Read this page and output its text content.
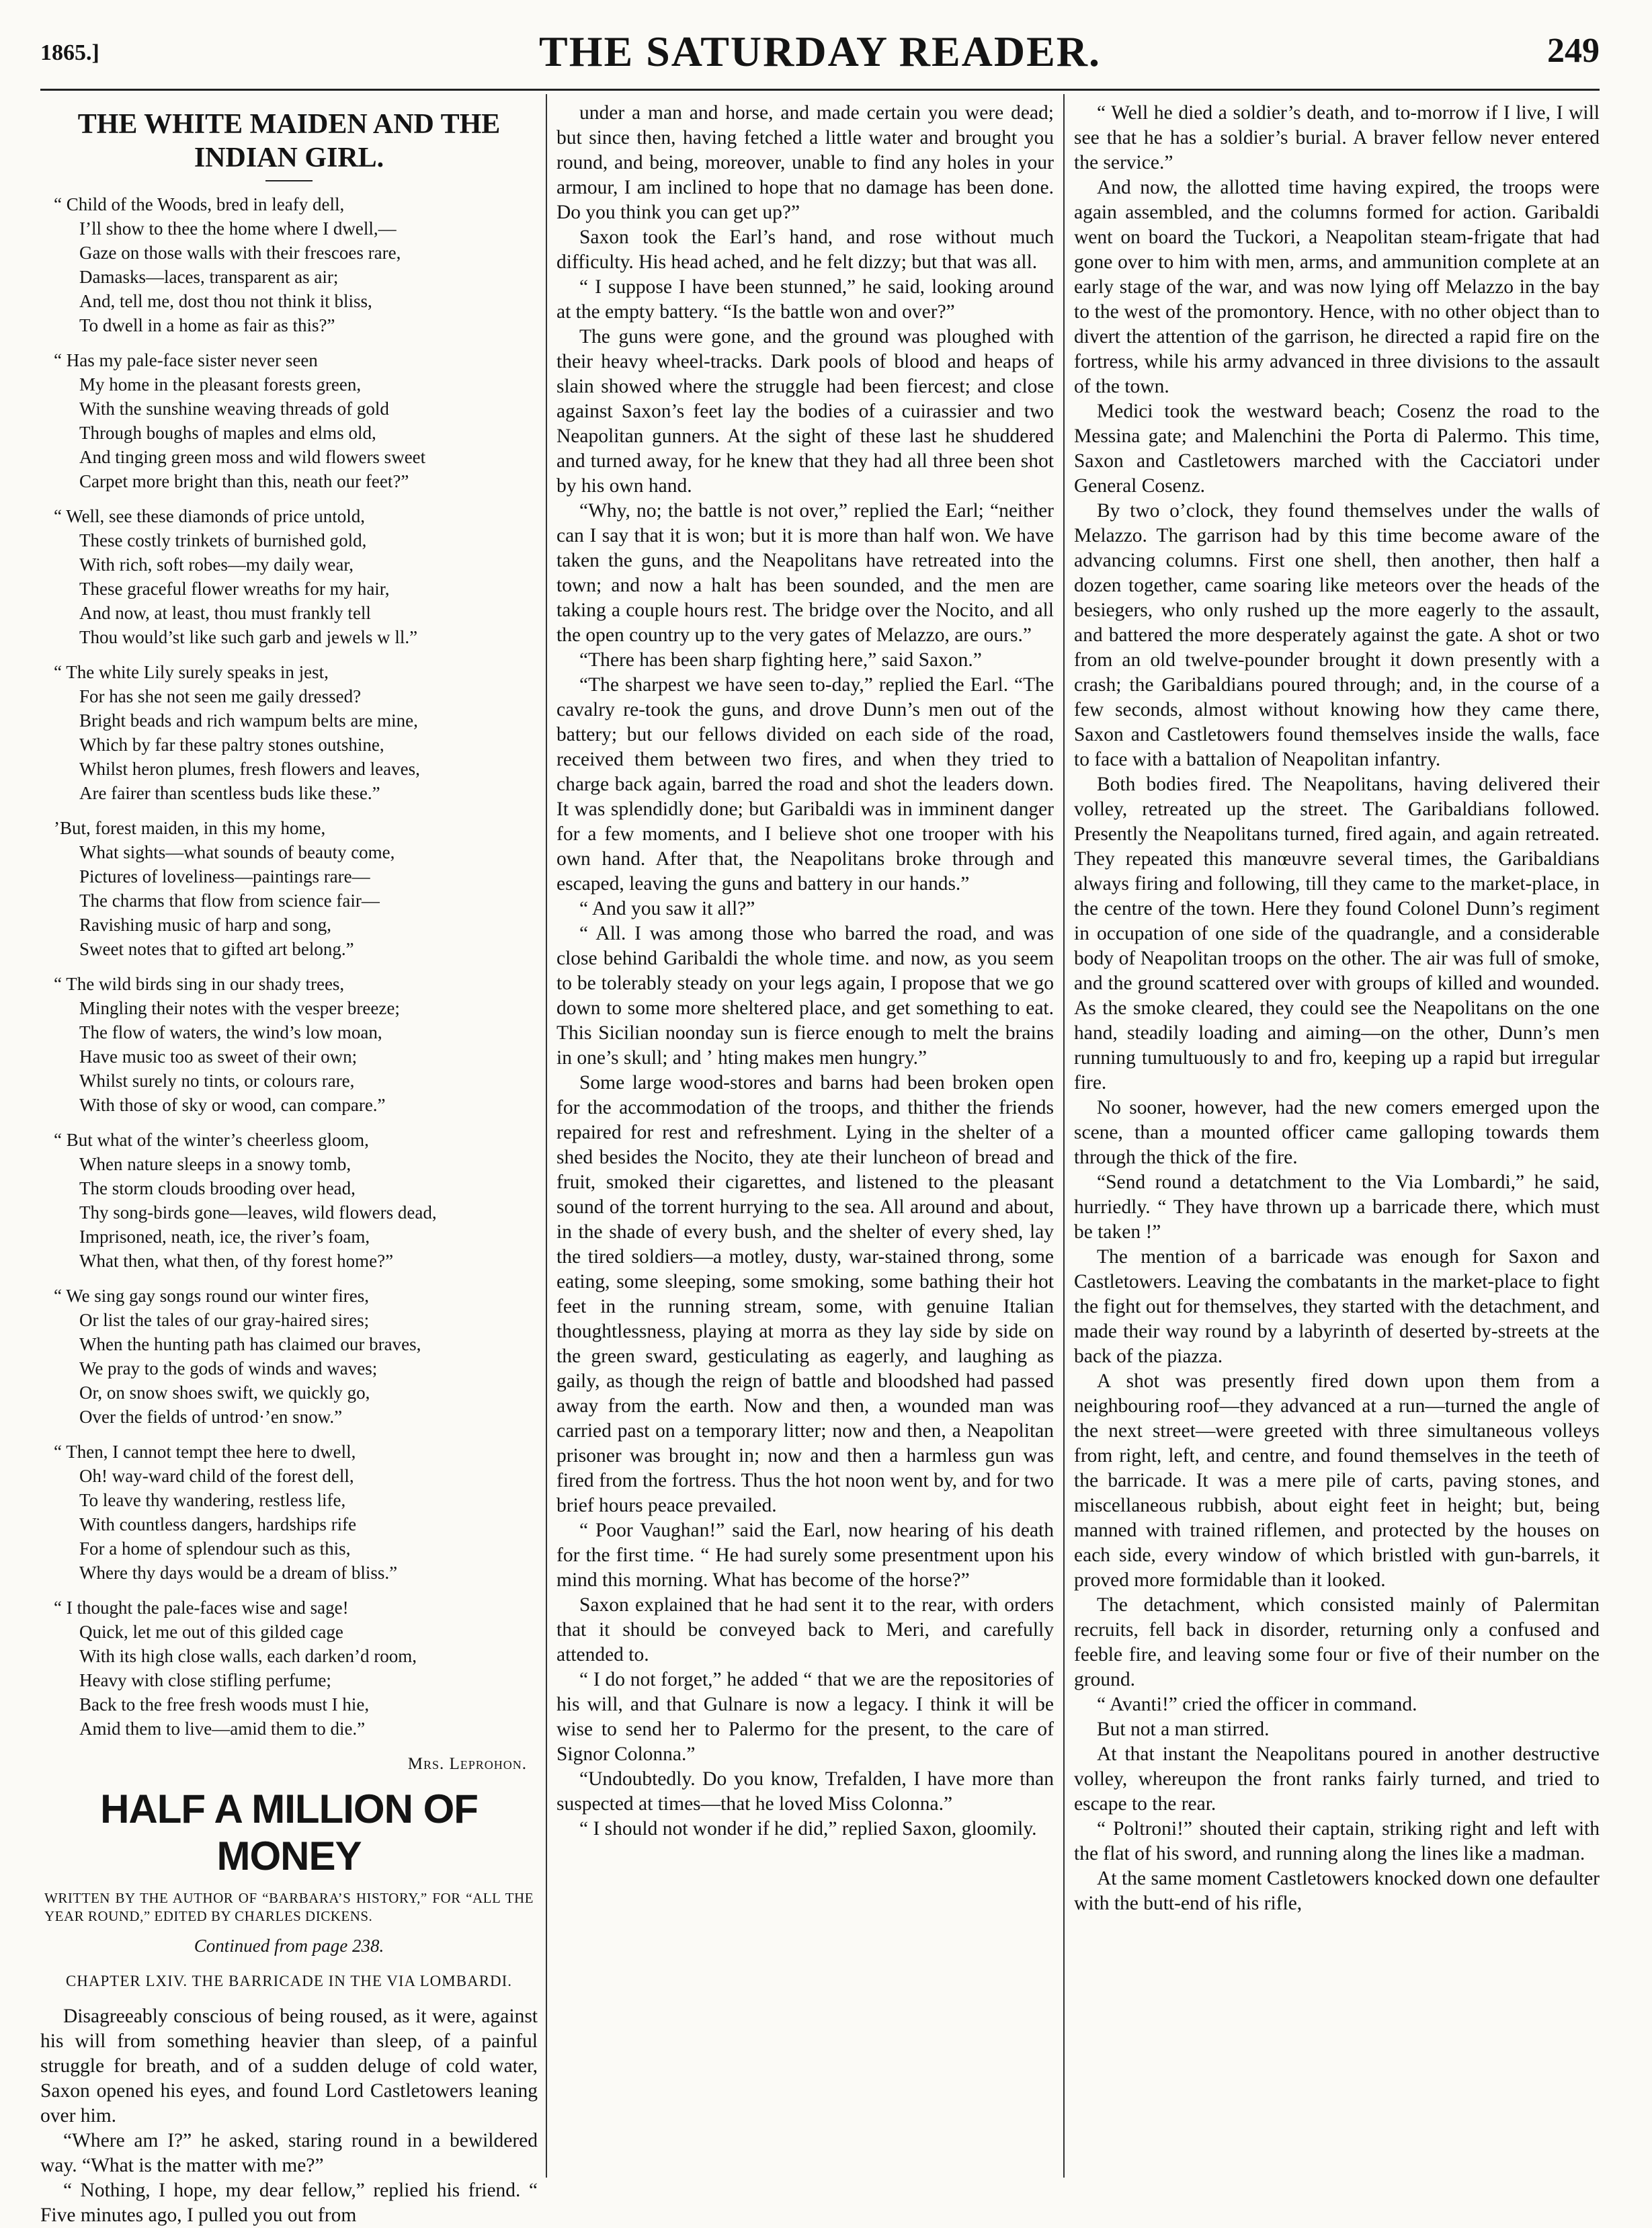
1865.]	THE SATURDAY READER.	249
THE WHITE MAIDEN AND THE INDIAN GIRL.
“ Child of the Woods, bred in leafy dell,
I’ll show to thee the home where I dwell,—
Gaze on those walls with their frescoes rare,
Damasks—laces, transparent as air;
And, tell me, dost thou not think it bliss,
To dwell in a home as fair as this?”
“ Has my pale-face sister never seen
My home in the pleasant forests green,
With the sunshine weaving threads of gold
Through boughs of maples and elms old,
And tinging green moss and wild flowers sweet
Carpet more bright than this, neath our feet?”
“ Well, see these diamonds of price untold,
These costly trinkets of burnished gold,
With rich, soft robes—my daily wear,
These graceful flower wreaths for my hair,
And now, at least, thou must frankly tell
Thou would’st like such garb and jewels w ll.”
“ The white Lily surely speaks in jest,
For has she not seen me gaily dressed?
Bright beads and rich wampum belts are mine,
Which by far these paltry stones outshine,
Whilst heron plumes, fresh flowers and leaves,
Are fairer than scentless buds like these.”
’But, forest maiden, in this my home,
What sights—what sounds of beauty come,
Pictures of loveliness—paintings rare—
The charms that flow from science fair—
Ravishing music of harp and song,
Sweet notes that to gifted art belong.”
“ The wild birds sing in our shady trees,
Mingling their notes with the vesper breeze;
The flow of waters, the wind’s low moan,
Have music too as sweet of their own;
Whilst surely no tints, or colours rare,
With those of sky or wood, can compare.”
“ But what of the winter’s cheerless gloom,
When nature sleeps in a snowy tomb,
The storm clouds brooding over head,
Thy song-birds gone—leaves, wild flowers dead,
Imprisoned, neath, ice, the river’s foam,
What then, what then, of thy forest home?”
“ We sing gay songs round our winter fires,
Or list the tales of our gray-haired sires;
When the hunting path has claimed our braves,
We pray to the gods of winds and waves;
Or, on snow shoes swift, we quickly go,
Over the fields of untrod·’en snow.”
“ Then, I cannot tempt thee here to dwell,
Oh! way-ward child of the forest dell,
To leave thy wandering, restless life,
With countless dangers, hardships rife
For a home of splendour such as this,
Where thy days would be a dream of bliss.”
“ I thought the pale-faces wise and sage!
Quick, let me out of this gilded cage
With its high close walls, each darken’d room,
Heavy with close stifling perfume;
Back to the free fresh woods must I hie,
Amid them to live—amid them to die.”
Mrs. Leprohon.
HALF A MILLION OF MONEY
WRITTEN BY THE AUTHOR OF “BARBARA’S HISTORY,” FOR “ALL THE YEAR ROUND,” EDITED BY CHARLES DICKENS.
Continued from page 238.
CHAPTER LXIV. THE BARRICADE IN THE VIA LOMBARDI.

Disagreeably conscious of being roused, as it were, against his will from something heavier than sleep, of a painful struggle for breath, and of a sudden deluge of cold water, Saxon opened his eyes, and found Lord Castletowers leaning over him.

“Where am I?” he asked, staring round in a bewildered way. “What is the matter with me?”

“ Nothing, I hope, my dear fellow,” replied his friend. “ Five minutes ago, I pulled you out from

under a man and horse, and made certain you were dead; but since then, having fetched a little water and brought you round, and being, moreover, unable to find any holes in your armour, I am inclined to hope that no damage has been done. Do you think you can get up?”

Saxon took the Earl’s hand, and rose without much difficulty. His head ached, and he felt dizzy; but that was all.

“ I suppose I have been stunned,” he said, looking around at the empty battery. “Is the battle won and over?”

The guns were gone, and the ground was ploughed with their heavy wheel-tracks. Dark pools of blood and heaps of slain showed where the struggle had been fiercest; and close against Saxon’s feet lay the bodies of a cuirassier and two Neapolitan gunners. At the sight of these last he shuddered and turned away, for he knew that they had all three been shot by his own hand.

“Why, no; the battle is not over,” replied the Earl; “neither can I say that it is won; but it is more than half won. We have taken the guns, and the Neapolitans have retreated into the town; and now a halt has been sounded, and the men are taking a couple hours rest. The bridge over the Nocito, and all the open country up to the very gates of Melazzo, are ours.”

“There has been sharp fighting here,” said Saxon.”

“The sharpest we have seen to-day,” replied the Earl. “The cavalry re-took the guns, and drove Dunn’s men out of the battery; but our fellows divided on each side of the road, received them between two fires, and when they tried to charge back again, barred the road and shot the leaders down. It was splendidly done; but Garibaldi was in imminent danger for a few moments, and I believe shot one trooper with his own hand. After that, the Neapolitans broke through and escaped, leaving the guns and battery in our hands.”

“ And you saw it all?”

“ All. I was among those who barred the road, and was close behind Garibaldi the whole time. and now, as you seem to be tolerably steady on your legs again, I propose that we go down to some more sheltered place, and get something to eat. This Sicilian noonday sun is fierce enough to melt the brains in one’s skull; and ʼ hting makes men hungry.”

Some large wood-stores and barns had been broken open for the accommodation of the troops, and thither the friends repaired for rest and refreshment. Lying in the shelter of a shed besides the Nocito, they ate their luncheon of bread and fruit, smoked their cigarettes, and listened to the pleasant sound of the torrent hurrying to the sea. All around and about, in the shade of every bush, and the shelter of every shed, lay the tired soldiers—a motley, dusty, war-stained throng, some eating, some sleeping, some smoking, some bathing their hot feet in the running stream, some, with genuine Italian thoughtlessness, playing at morra as they lay side by side on the green sward, gesticulating as eagerly, and laughing as gaily, as though the reign of battle and bloodshed had passed away from the earth. Now and then, a wounded man was carried past on a temporary litter; now and then, a Neapolitan prisoner was brought in; now and then a harmless gun was fired from the fortress. Thus the hot noon went by, and for two brief hours peace prevailed.

“ Poor Vaughan!” said the Earl, now hearing of his death for the first time. “ He had surely some presentment upon his mind this morning. What has become of the horse?”

Saxon explained that he had sent it to the rear, with orders that it should be conveyed back to Meri, and carefully attended to.

“ I do not forget,” he added “ that we are the repositories of his will, and that Gulnare is now a legacy. I think it will be wise to send her to Palermo for the present, to the care of Signor Colonna.”

“Undoubtedly. Do you know, Trefalden, I have more than suspected at times—that he loved Miss Colonna.”

“ I should not wonder if he did,” replied Saxon, gloomily.

“ Well he died a soldier’s death, and to-morrow if I live, I will see that he has a soldier’s burial. A braver fellow never entered the service.”

And now, the allotted time having expired, the troops were again assembled, and the columns formed for action. Garibaldi went on board the Tuckori, a Neapolitan steam-frigate that had gone over to him with men, arms, and ammunition complete at an early stage of the war, and was now lying off Melazzo in the bay to the west of the promontory. Hence, with no other object than to divert the attention of the garrison, he directed a rapid fire on the fortress, while his army advanced in three divisions to the assault of the town.

Medici took the westward beach; Cosenz the road to the Messina gate; and Malenchini the Porta di Palermo. This time, Saxon and Castletowers marched with the Cacciatori under General Cosenz.

By two o’clock, they found themselves under the walls of Melazzo. The garrison had by this time become aware of the advancing columns. First one shell, then another, then half a dozen together, came soaring like meteors over the heads of the besiegers, who only rushed up the more eagerly to the assault, and battered the more desperately against the gate. A shot or two from an old twelve-pounder brought it down presently with a crash; the Garibaldians poured through; and, in the course of a few seconds, almost without knowing how they came there, Saxon and Castletowers found themselves inside the walls, face to face with a battalion of Neapolitan infantry.

Both bodies fired. The Neapolitans, having delivered their volley, retreated up the street. The Garibaldians followed. Presently the Neapolitans turned, fired again, and again retreated. They repeated this manœuvre several times, the Garibaldians always firing and following, till they came to the market-place, in the centre of the town. Here they found Colonel Dunn’s regiment in occupation of one side of the quadrangle, and a considerable body of Neapolitan troops on the other. The air was full of smoke, and the ground scattered over with groups of killed and wounded. As the smoke cleared, they could see the Neapolitans on the one hand, steadily loading and aiming—on the other, Dunn’s men running tumultuously to and fro, keeping up a rapid but irregular fire.

No sooner, however, had the new comers emerged upon the scene, than a mounted officer came galloping towards them through the thick of the fire.

“Send round a detatchment to the Via Lombardi,” he said, hurriedly. “ They have thrown up a barricade there, which must be taken !”

The mention of a barricade was enough for Saxon and Castletowers. Leaving the combatants in the market-place to fight the fight out for themselves, they started with the detachment, and made their way round by a labyrinth of deserted by-streets at the back of the piazza.

A shot was presently fired down upon them from a neighbouring roof—they advanced at a run—turned the angle of the next street—were greeted with three simultaneous volleys from right, left, and centre, and found themselves in the teeth of the barricade. It was a mere pile of carts, paving stones, and miscellaneous rubbish, about eight feet in height; but, being manned with trained riflemen, and protected by the houses on each side, every window of which bristled with gun-barrels, it proved more formidable than it looked.

The detachment, which consisted mainly of Palermitan recruits, fell back in disorder, returning only a confused and feeble fire, and leaving some four or five of their number on the ground.

“ Avanti!” cried the officer in command.

But not a man stirred.

At that instant the Neapolitans poured in another destructive volley, whereupon the front ranks fairly turned, and tried to escape to the rear.

“ Poltroni!” shouted their captain, striking right and left with the flat of his sword, and running along the lines like a madman.

At the same moment Castletowers knocked down one defaulter with the butt-end of his rifle,
